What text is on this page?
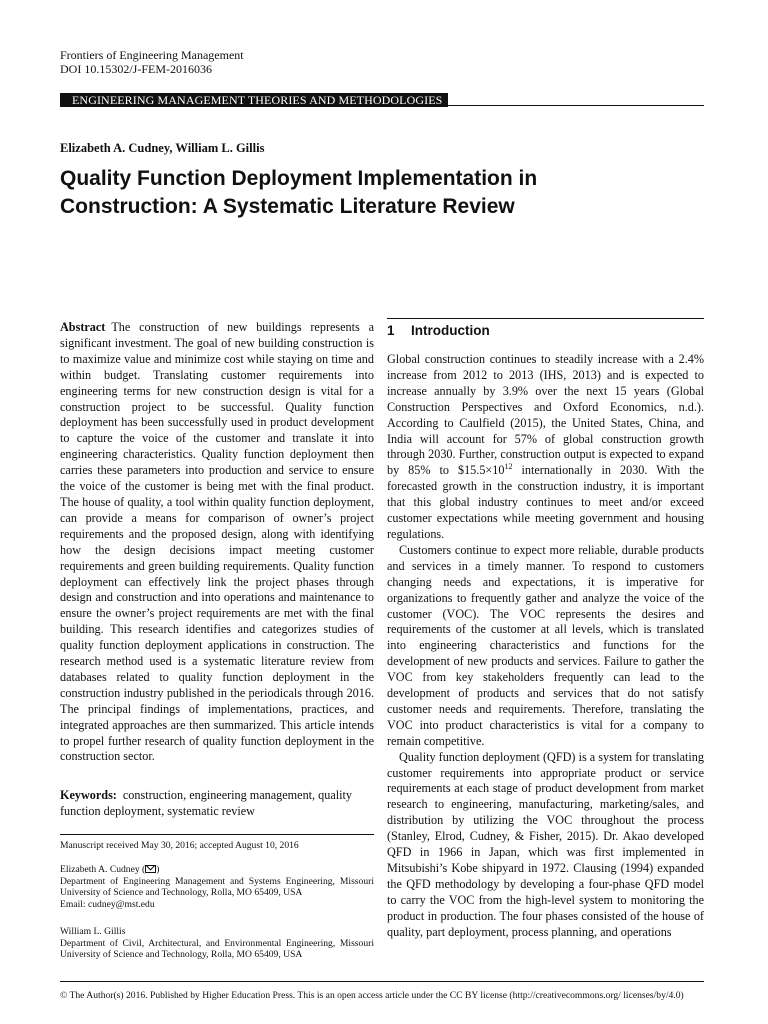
Frontiers of Engineering Management
DOI 10.15302/J-FEM-2016036
ENGINEERING MANAGEMENT THEORIES AND METHODOLOGIES
Elizabeth A. Cudney, William L. Gillis
Quality Function Deployment Implementation in
Construction: A Systematic Literature Review

Abstract The construction of new buildings represents a significant investment. The goal of new building construction is to maximize value and minimize cost while staying on time and within budget. Translating customer requirements into engineering terms for new construction design is vital for a construction project to be successful. Quality function deployment has been successfully used in product development to capture the voice of the customer and translate it into engineering characteristics. Quality function deployment then carries these parameters into production and service to ensure the voice of the customer is being met with the final product. The house of quality, a tool within quality function deployment, can provide a means for comparison of owner’s project requirements and the proposed design, along with identifying how the design decisions impact meeting customer requirements and green building requirements. Quality function deployment can effectively link the project phases through design and construction and into operations and maintenance to ensure the owner’s project requirements are met with the final building. This research identifies and categorizes studies of quality function deployment applications in construction. The research method used is a systematic literature review from databases related to quality function deployment in the construction industry published in the periodicals through 2016. The principal findings of implementations, practices, and integrated approaches are then summarized. This article intends to propel further research of quality function deployment in the construction sector.

Keywords: construction, engineering management, quality function deployment, systematic review
Manuscript received May 30, 2016; accepted August 10, 2016
Elizabeth A. Cudney ( )
Department of Engineering Management and Systems Engineering, Missouri University of Science and Technology, Rolla, MO 65409, USA
Email: cudney@mst.edu
William L. Gillis
Department of Civil, Architectural, and Environmental Engineering, Missouri University of Science and Technology, Rolla, MO 65409, USA
1 Introduction

Global construction continues to steadily increase with a 2.4% increase from 2012 to 2013 (IHS, 2013) and is expected to increase annually by 3.9% over the next 15 years (Global Construction Perspectives and Oxford Economics, n.d.). According to Caulfield (2015), the United States, China, and India will account for 57% of global construction growth through 2030. Further, construction output is expected to expand by 85% to $\$15.5\times 10^{12}$ internationally in 2030. With the forecasted growth in the construction industry, it is important that this global industry continues to meet and/or exceed customer expectations while meeting government and housing regulations.

Customers continue to expect more reliable, durable products and services in a timely manner. To respond to customers changing needs and expectations, it is imperative for organizations to frequently gather and analyze the voice of the customer (VOC). The VOC represents the desires and requirements of the customer at all levels, which is translated into engineering characteristics and functions for the development of new products and services. Failure to gather the VOC from key stakeholders frequently can lead to the development of products and services that do not satisfy customer needs and requirements. Therefore, translating the VOC into product characteristics is vital for a company to remain competitive.

Quality function deployment (QFD) is a system for translating customer requirements into appropriate product or service requirements at each stage of product development from market research to engineering, manufacturing, marketing/sales, and distribution by utilizing the VOC throughout the process (Stanley, Elrod, Cudney, & Fisher, 2015). Dr. Akao developed QFD in 1966 in Japan, which was first implemented in Mitsubishi’s Kobe shipyard in 1972. Clausing (1994) expanded the QFD methodology by developing a four-phase QFD model to carry the VOC from the high-level system to monitoring the product in production. The four phases consisted of the house of quality, part deployment, process planning, and operations

© The Author(s) 2016. Published by Higher Education Press. This is an open access article under the CC BY license (http://creativecommons.org/ licenses/by/4.0)
